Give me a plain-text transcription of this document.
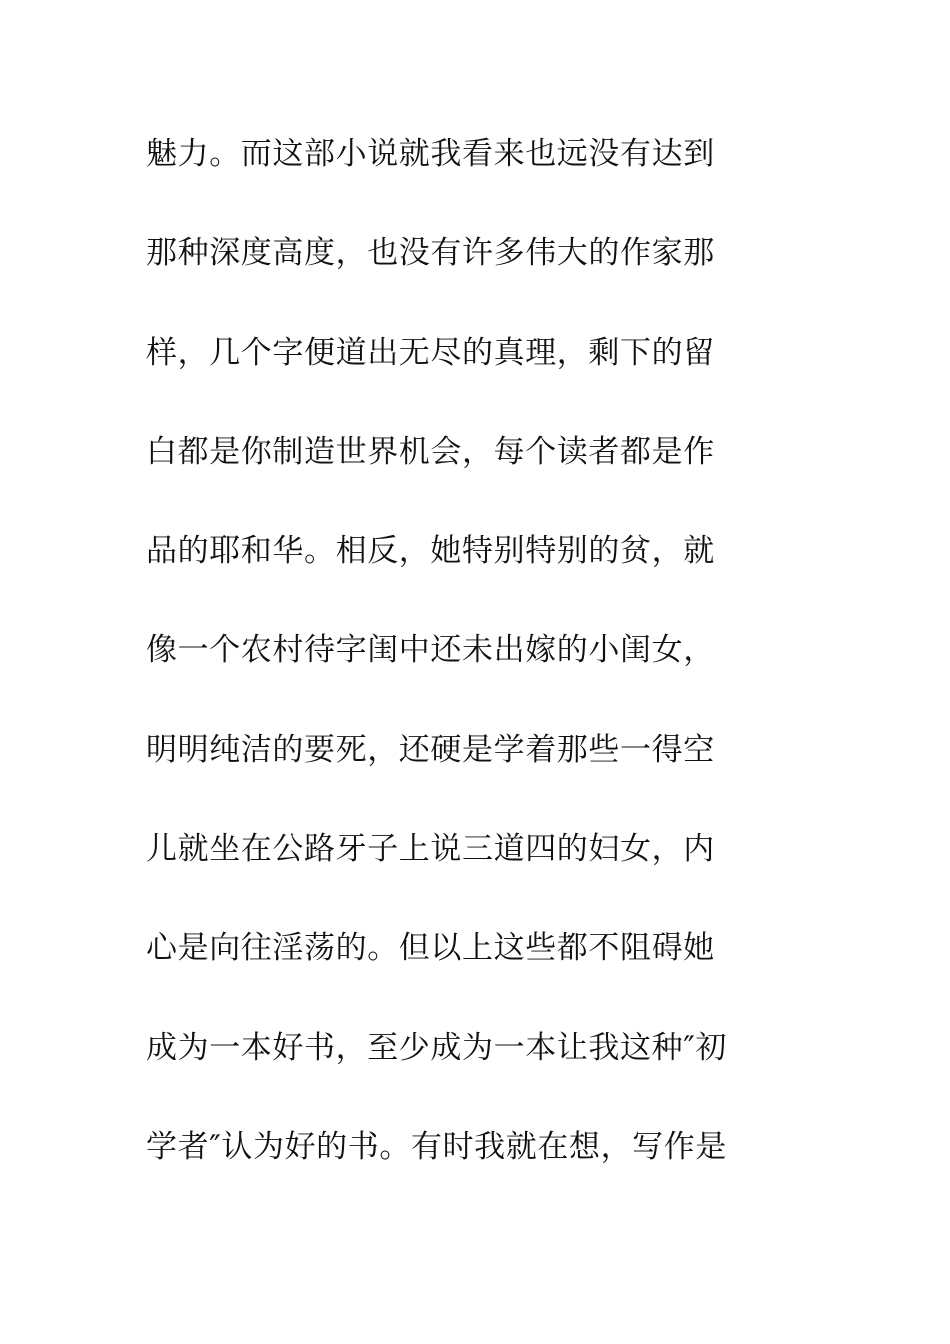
魅力。而这部小说就我看来也远没有达到
那种深度高度，也没有许多伟大的作家那
样，几个字便道出无尽的真理，剩下的留
白都是你制造世界机会，每个读者都是作
品的耶和华。相反，她特别特别的贫，就
像一个农村待字闺中还未出嫁的小闺女，
明明纯洁的要死，还硬是学着那些一得空
儿就坐在公路牙子上说三道四的妇女，内
心是向往淫荡的。但以上这些都不阻碍她
成为一本好书，至少成为一本让我这种″初
学者″认为好的书。有时我就在想，写作是
